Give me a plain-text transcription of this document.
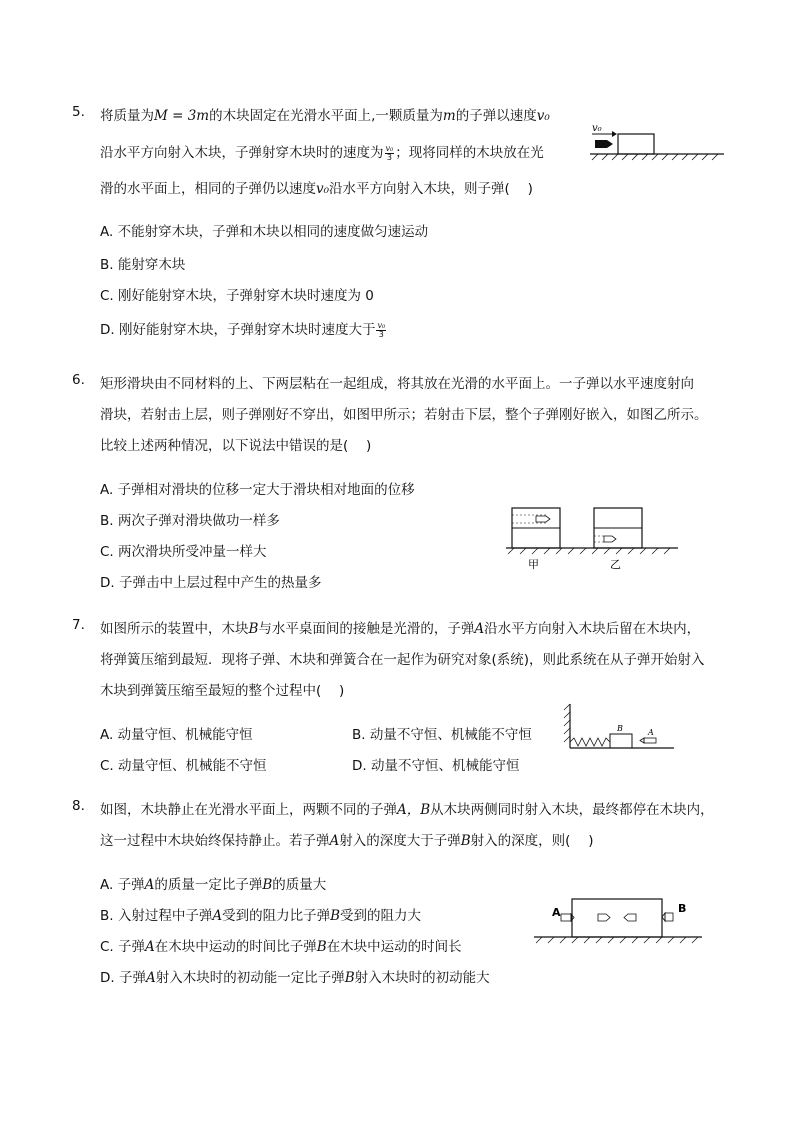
5. 将质量为M = 3m的木块固定在光滑水平面上,一颗质量为m的子弹以速度v₀
沿水平方向射入木块，子弹射穿木块时的速度为 $\frac{\text{v₀}}{3}$ ；现将同样的木块放在光
滑的水平面上，相同的子弹仍以速度v₀沿水平方向射入木块，则子弹(　 )
v₀
A. 不能射穿木块，子弹和木块以相同的速度做匀速运动
B. 能射穿木块
C. 刚好能射穿木块，子弹射穿木块时速度为 0
D. 刚好能射穿木块，子弹射穿木块时速度大于 $\frac{\text{v₀}}{3}$
6. 矩形滑块由不同材料的上、下两层粘在一起组成，将其放在光滑的水平面上。一子弹以水平速度射向
滑块，若射击上层，则子弹刚好不穿出，如图甲所示；若射击下层，整个子弹刚好嵌入，如图乙所示。
比较上述两种情况，以下说法中错误的是(　 )
A. 子弹相对滑块的位移一定大于滑块相对地面的位移
B. 两次子弹对滑块做功一样多
C. 两次滑块所受冲量一样大
D. 子弹击中上层过程中产生的热量多
甲	乙
7. 如图所示的装置中，木块B与水平桌面间的接触是光滑的，子弹A沿水平方向射入木块后留在木块内，
将弹簧压缩到最短．现将子弹、木块和弹簧合在一起作为研究对象(系统)，则此系统在从子弹开始射入
木块到弹簧压缩至最短的整个过程中(　 )
A. 动量守恒、机械能守恒	B. 动量不守恒、机械能不守恒
C. 动量守恒、机械能不守恒	D. 动量不守恒、机械能守恒
B	A
8. 如图，木块静止在光滑水平面上，两颗不同的子弹A，B从木块两侧同时射入木块，最终都停在木块内，
这一过程中木块始终保持静止。若子弹A射入的深度大于子弹B射入的深度，则(　 )
A. 子弹A的质量一定比子弹B的质量大
B. 入射过程中子弹A受到的阻力比子弹B受到的阻力大
C. 子弹A在木块中运动的时间比子弹B在木块中运动的时间长
D. 子弹A射入木块时的初动能一定比子弹B射入木块时的初动能大
A	B
